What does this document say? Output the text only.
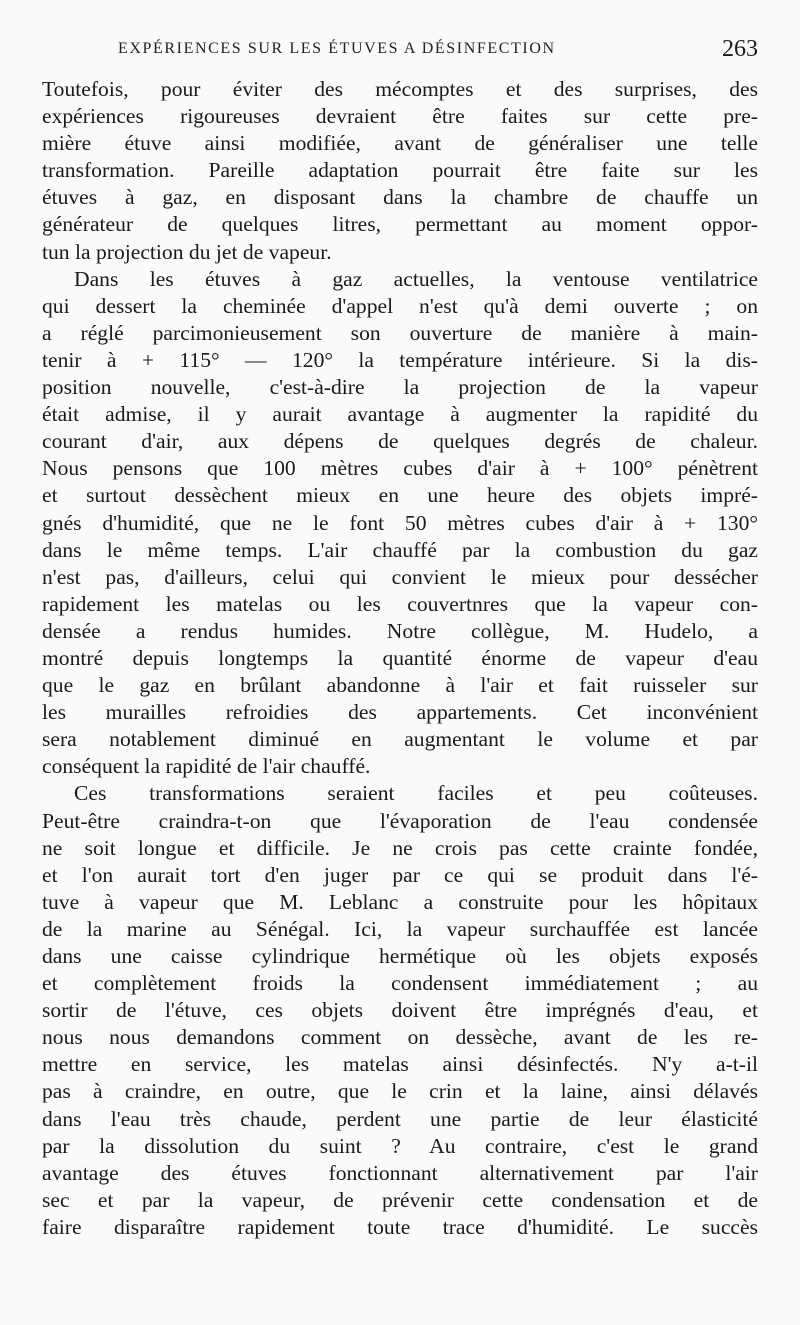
EXPÉRIENCES SUR LES ÉTUVES A DÉSINFECTION	263

Toutefois, pour éviter des mécomptes et des surprises, des
expériences rigoureuses devraient être faites sur cette pre-
mière étuve ainsi modifiée, avant de généraliser une telle
transformation. Pareille adaptation pourrait être faite sur les
étuves à gaz, en disposant dans la chambre de chauffe un
générateur de quelques litres, permettant au moment oppor-
tun la projection du jet de vapeur.

Dans les étuves à gaz actuelles, la ventouse ventilatrice
qui dessert la cheminée d'appel n'est qu'à demi ouverte ; on
a réglé parcimonieusement son ouverture de manière à main-
tenir à + 115° — 120° la température intérieure. Si la dis-
position nouvelle, c'est-à-dire la projection de la vapeur
était admise, il y aurait avantage à augmenter la rapidité du
courant d'air, aux dépens de quelques degrés de chaleur.
Nous pensons que 100 mètres cubes d'air à + 100° pénètrent
et surtout dessèchent mieux en une heure des objets impré-
gnés d'humidité, que ne le font 50 mètres cubes d'air à + 130°
dans le même temps. L'air chauffé par la combustion du gaz
n'est pas, d'ailleurs, celui qui convient le mieux pour dessécher
rapidement les matelas ou les couvertnres que la vapeur con-
densée a rendus humides. Notre collègue, M. Hudelo, a
montré depuis longtemps la quantité énorme de vapeur d'eau
que le gaz en brûlant abandonne à l'air et fait ruisseler sur
les murailles refroidies des appartements. Cet inconvénient
sera notablement diminué en augmentant le volume et par
conséquent la rapidité de l'air chauffé.

Ces transformations seraient faciles et peu coûteuses.
Peut-être craindra-t-on que l'évaporation de l'eau condensée
ne soit longue et difficile. Je ne crois pas cette crainte fondée,
et l'on aurait tort d'en juger par ce qui se produit dans l'é-
tuve à vapeur que M. Leblanc a construite pour les hôpitaux
de la marine au Sénégal. Ici, la vapeur surchauffée est lancée
dans une caisse cylindrique hermétique où les objets exposés
et complètement froids la condensent immédiatement ; au
sortir de l'étuve, ces objets doivent être imprégnés d'eau, et
nous nous demandons comment on dessèche, avant de les re-
mettre en service, les matelas ainsi désinfectés. N'y a-t-il
pas à craindre, en outre, que le crin et la laine, ainsi délavés
dans l'eau très chaude, perdent une partie de leur élasticité
par la dissolution du suint ? Au contraire, c'est le grand
avantage des étuves fonctionnant alternativement par l'air
sec et par la vapeur, de prévenir cette condensation et de
faire disparaître rapidement toute trace d'humidité. Le succès
